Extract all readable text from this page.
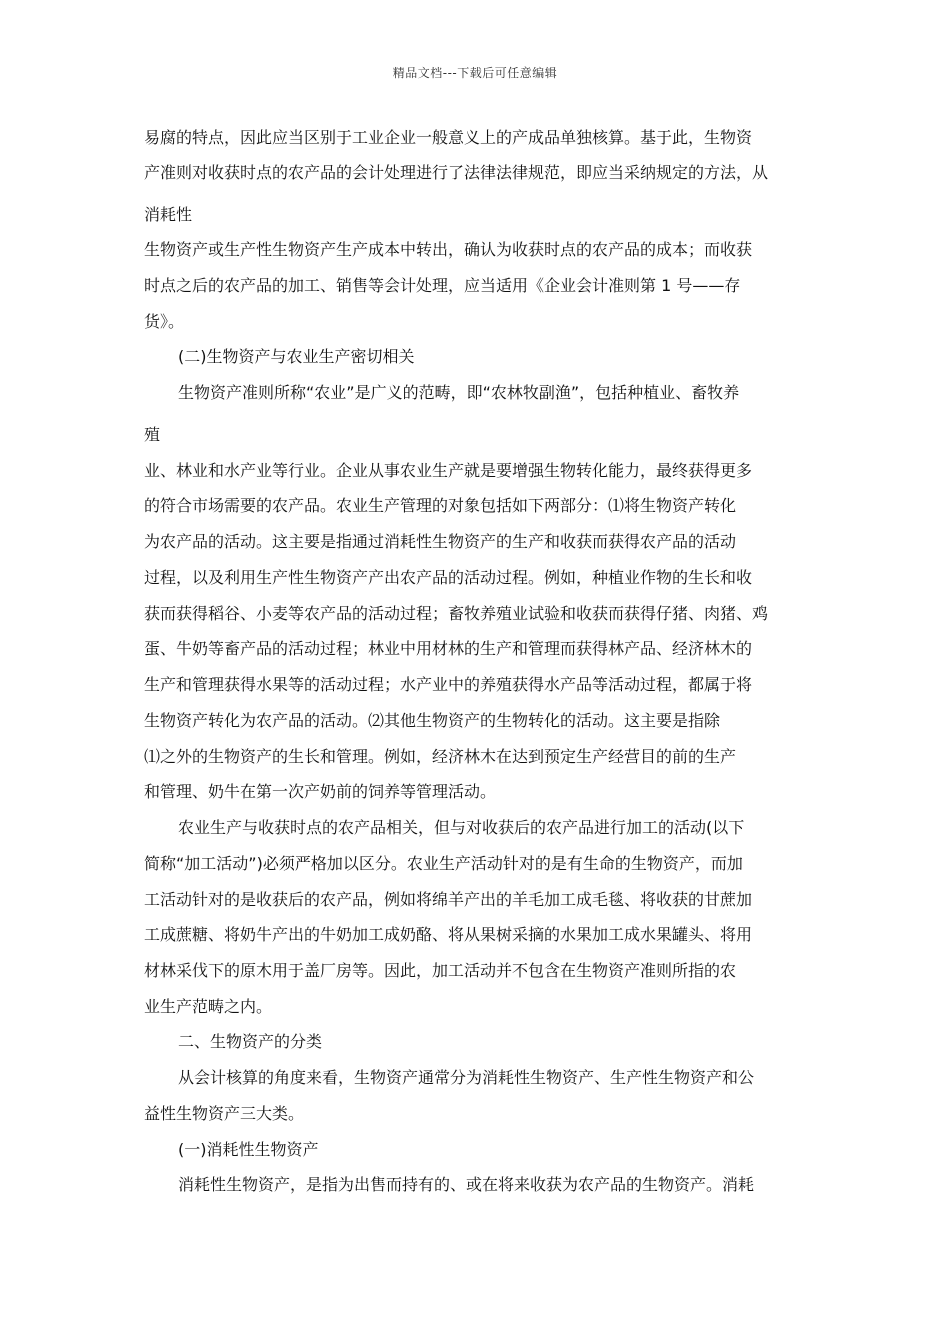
精品文档---下载后可任意编辑
易腐的特点，因此应当区别于工业企业一般意义上的产成品单独核算。基于此，生物资
产准则对收获时点的农产品的会计处理进行了法律法律规范，即应当采纳规定的方法，从
消耗性
生物资产或生产性生物资产生产成本中转出，确认为收获时点的农产品的成本；而收获
时点之后的农产品的加工、销售等会计处理，应当适用《企业会计准则第 1 号——存
货》。
(二)生物资产与农业生产密切相关
生物资产准则所称“农业”是广义的范畴，即“农林牧副渔”，包括种植业、畜牧养
殖
业、林业和水产业等行业。企业从事农业生产就是要增强生物转化能力，最终获得更多
的符合市场需要的农产品。农业生产管理的对象包括如下两部分：⑴将生物资产转化
为农产品的活动。这主要是指通过消耗性生物资产的生产和收获而获得农产品的活动
过程，以及利用生产性生物资产产出农产品的活动过程。例如，种植业作物的生长和收
获而获得稻谷、小麦等农产品的活动过程；畜牧养殖业试验和收获而获得仔猪、肉猪、鸡
蛋、牛奶等畜产品的活动过程；林业中用材林的生产和管理而获得林产品、经济林木的
生产和管理获得水果等的活动过程；水产业中的养殖获得水产品等活动过程，都属于将
生物资产转化为农产品的活动。⑵其他生物资产的生物转化的活动。这主要是指除
⑴之外的生物资产的生长和管理。例如，经济林木在达到预定生产经营目的前的生产
和管理、奶牛在第一次产奶前的饲养等管理活动。
农业生产与收获时点的农产品相关，但与对收获后的农产品进行加工的活动(以下
简称“加工活动”)必须严格加以区分。农业生产活动针对的是有生命的生物资产，而加
工活动针对的是收获后的农产品，例如将绵羊产出的羊毛加工成毛毯、将收获的甘蔗加
工成蔗糖、将奶牛产出的牛奶加工成奶酪、将从果树采摘的水果加工成水果罐头、将用
材林采伐下的原木用于盖厂房等。因此，加工活动并不包含在生物资产准则所指的农
业生产范畴之内。
二、生物资产的分类
从会计核算的角度来看，生物资产通常分为消耗性生物资产、生产性生物资产和公
益性生物资产三大类。
(一)消耗性生物资产
消耗性生物资产，是指为出售而持有的、或在将来收获为农产品的生物资产。消耗
